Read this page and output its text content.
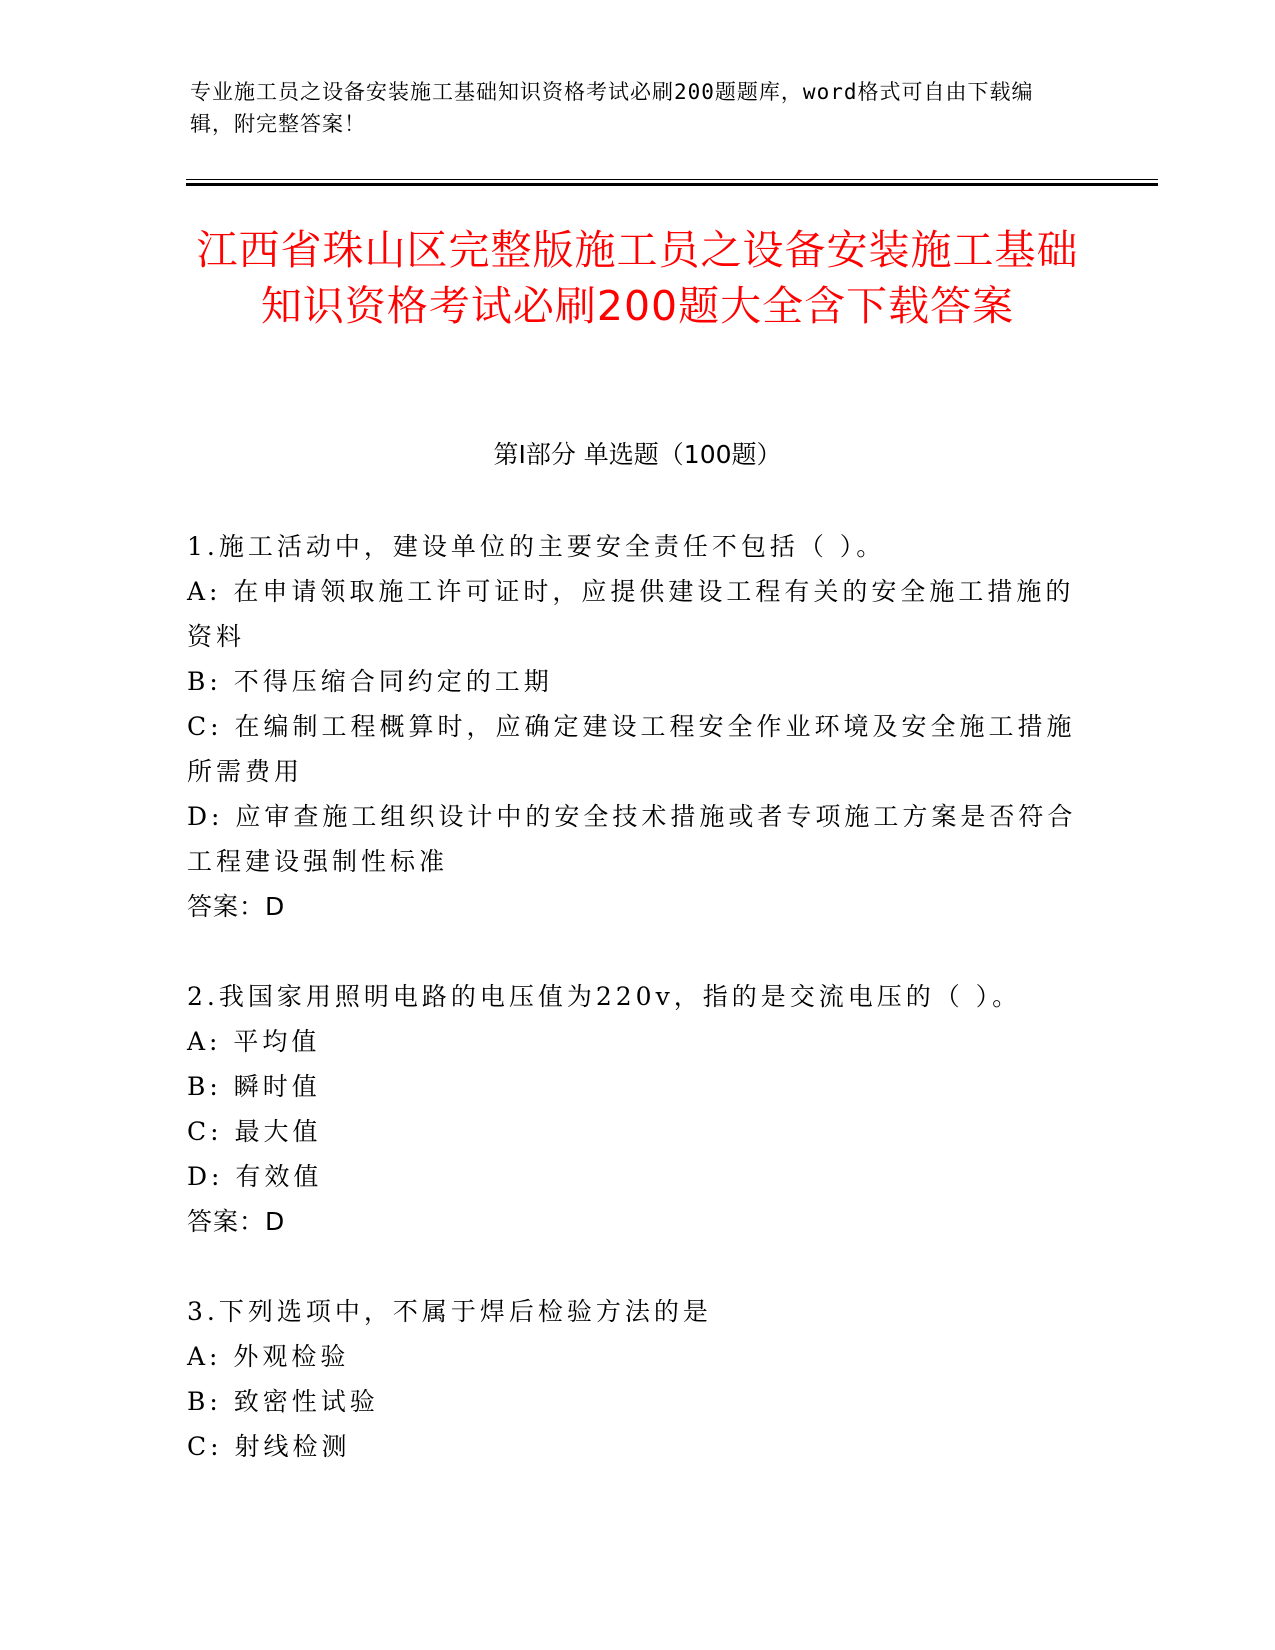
专业施工员之设备安装施工基础知识资格考试必刷200题题库，word格式可自由下载编辑，附完整答案！
江西省珠山区完整版施工员之设备安装施工基础知识资格考试必刷200题大全含下载答案
第Ⅰ部分 单选题（100题）
1.施工活动中，建设单位的主要安全责任不包括（ ）。
A: 在申请领取施工许可证时，应提供建设工程有关的安全施工措施的资料
B: 不得压缩合同约定的工期
C: 在编制工程概算时，应确定建设工程安全作业环境及安全施工措施所需费用
D: 应审查施工组织设计中的安全技术措施或者专项施工方案是否符合工程建设强制性标准
答案：D
2.我国家用照明电路的电压值为220v，指的是交流电压的（ ）。
A: 平均值
B: 瞬时值
C: 最大值
D: 有效值
答案：D
3.下列选项中，不属于焊后检验方法的是
A: 外观检验
B: 致密性试验
C: 射线检测
